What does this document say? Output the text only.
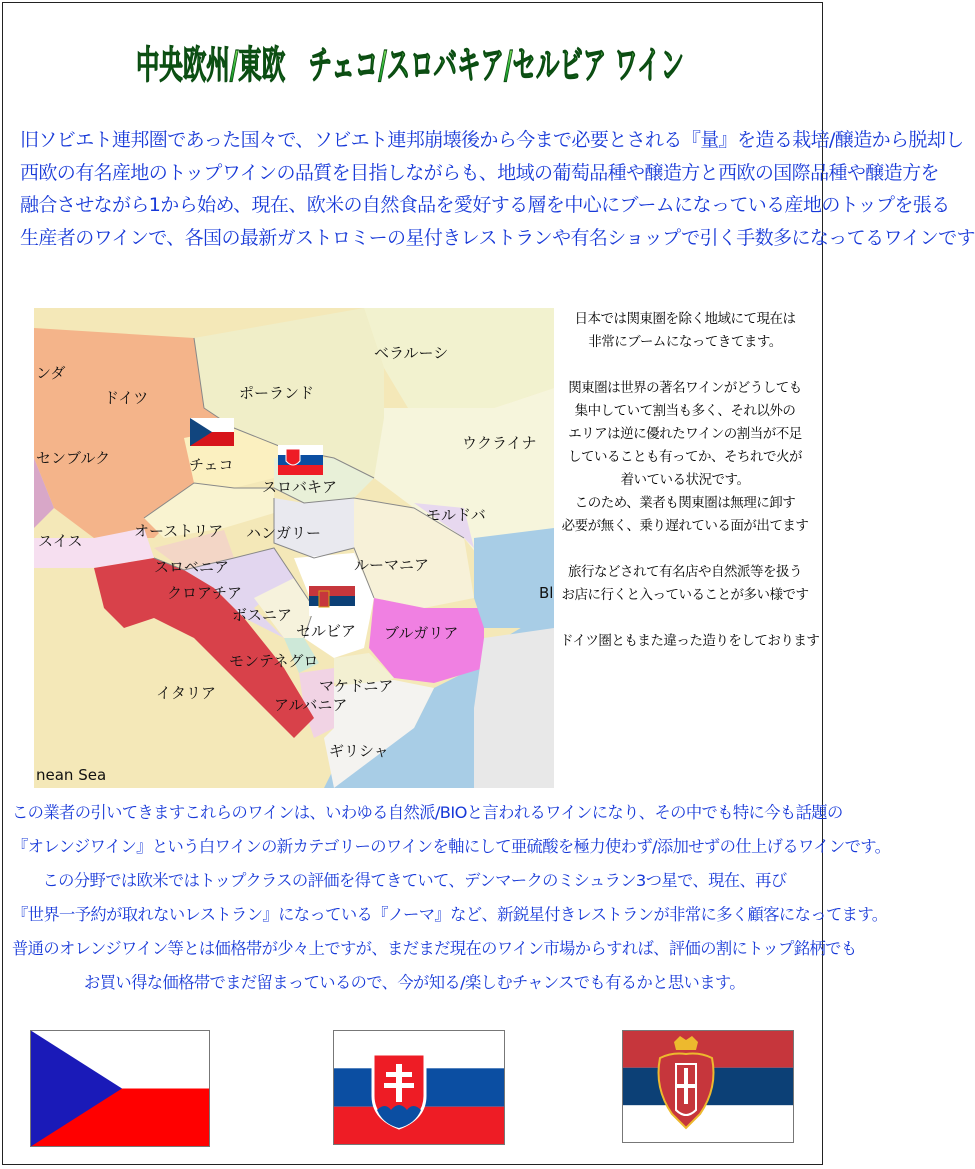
中央欧州/東欧　チェコ/スロバキア/セルビア ワイン
旧ソビエト連邦圏であった国々で、ソビエト連邦崩壊後から今まで必要とされる『量』を造る栽培/醸造から脱却し
西欧の有名産地のトップワインの品質を目指しながらも、地域の葡萄品種や醸造方と西欧の国際品種や醸造方を
融合させながら1から始め、現在、欧米の自然食品を愛好する層を中心にブームになっている産地のトップを張る
生産者のワインで、各国の最新ガストロミーの星付きレストランや有名ショップで引く手数多になってるワインです
ンダ
ドイツ	ポーランド
ベラルーシ
ウクライナ
センブルク	チェコ
スロバキア
オーストリア ハンガリー
モルドバ
スイス
ルーマニア
スロベニア
クロアチア
ボスニア
セルビア ブルガリア
モンテネグロ
マケドニア
イタリア
アルバニア
ギリシャ
nean Sea
Bl
日本では関東圏を除く地域にて現在は
非常にブームになってきてます。
関東圏は世界の著名ワインがどうしても
集中していて割当も多く、それ以外の
エリアは逆に優れたワインの割当が不足
していることも有ってか、そちれで火が
着いている状況です。
このため、業者も関東圏は無理に卸す
必要が無く、乗り遅れている面が出てます
旅行などされて有名店や自然派等を扱う
お店に行くと入っていることが多い様です
ドイツ圏ともまた違った造りをしております
この業者の引いてきますこれらのワインは、いわゆる自然派/BIOと言われるワインになり、その中でも特に今も話題の
『オレンジワイン』という白ワインの新カテゴリーのワインを軸にして亜硫酸を極力使わず/添加せずの仕上げるワインです。
この分野では欧米ではトップクラスの評価を得てきていて、デンマークのミシュラン3つ星で、現在、再び
『世界一予約が取れないレストラン』になっている『ノーマ』など、新鋭星付きレストランが非常に多く顧客になってます。
普通のオレンジワイン等とは価格帯が少々上ですが、まだまだ現在のワイン市場からすれば、評価の割にトップ銘柄でも
お買い得な価格帯でまだ留まっているので、今が知る/楽しむチャンスでも有るかと思います。
